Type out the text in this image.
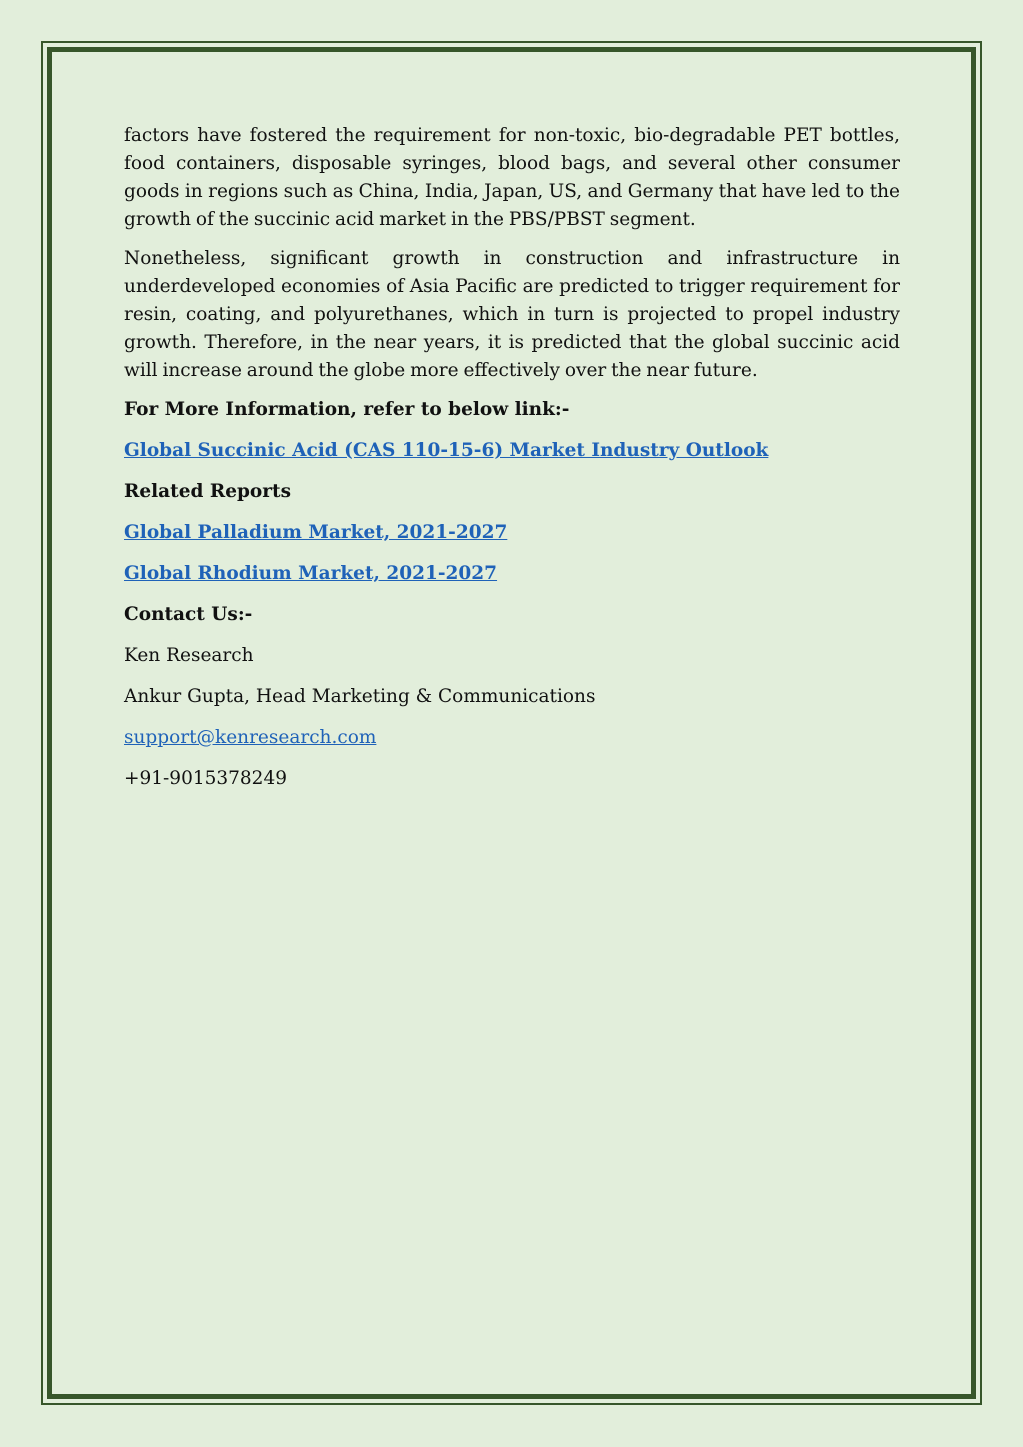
factors have fostered the requirement for non-toxic, bio-degradable PET bottles, food containers, disposable syringes, blood bags, and several other consumer goods in regions such as China, India, Japan, US, and Germany that have led to the growth of the succinic acid market in the PBS/PBST segment.

Nonetheless, significant growth in construction and infrastructure in underdeveloped economies of Asia Pacific are predicted to trigger requirement for resin, coating, and polyurethanes, which in turn is projected to propel industry growth. Therefore, in the near years, it is predicted that the global succinic acid will increase around the globe more effectively over the near future.

For More Information, refer to below link:-

Global Succinic Acid (CAS 110-15-6) Market Industry Outlook

Related Reports

Global Palladium Market, 2021-2027

Global Rhodium Market, 2021-2027

Contact Us:-

Ken Research

Ankur Gupta, Head Marketing & Communications

support@kenresearch.com

+91-9015378249
